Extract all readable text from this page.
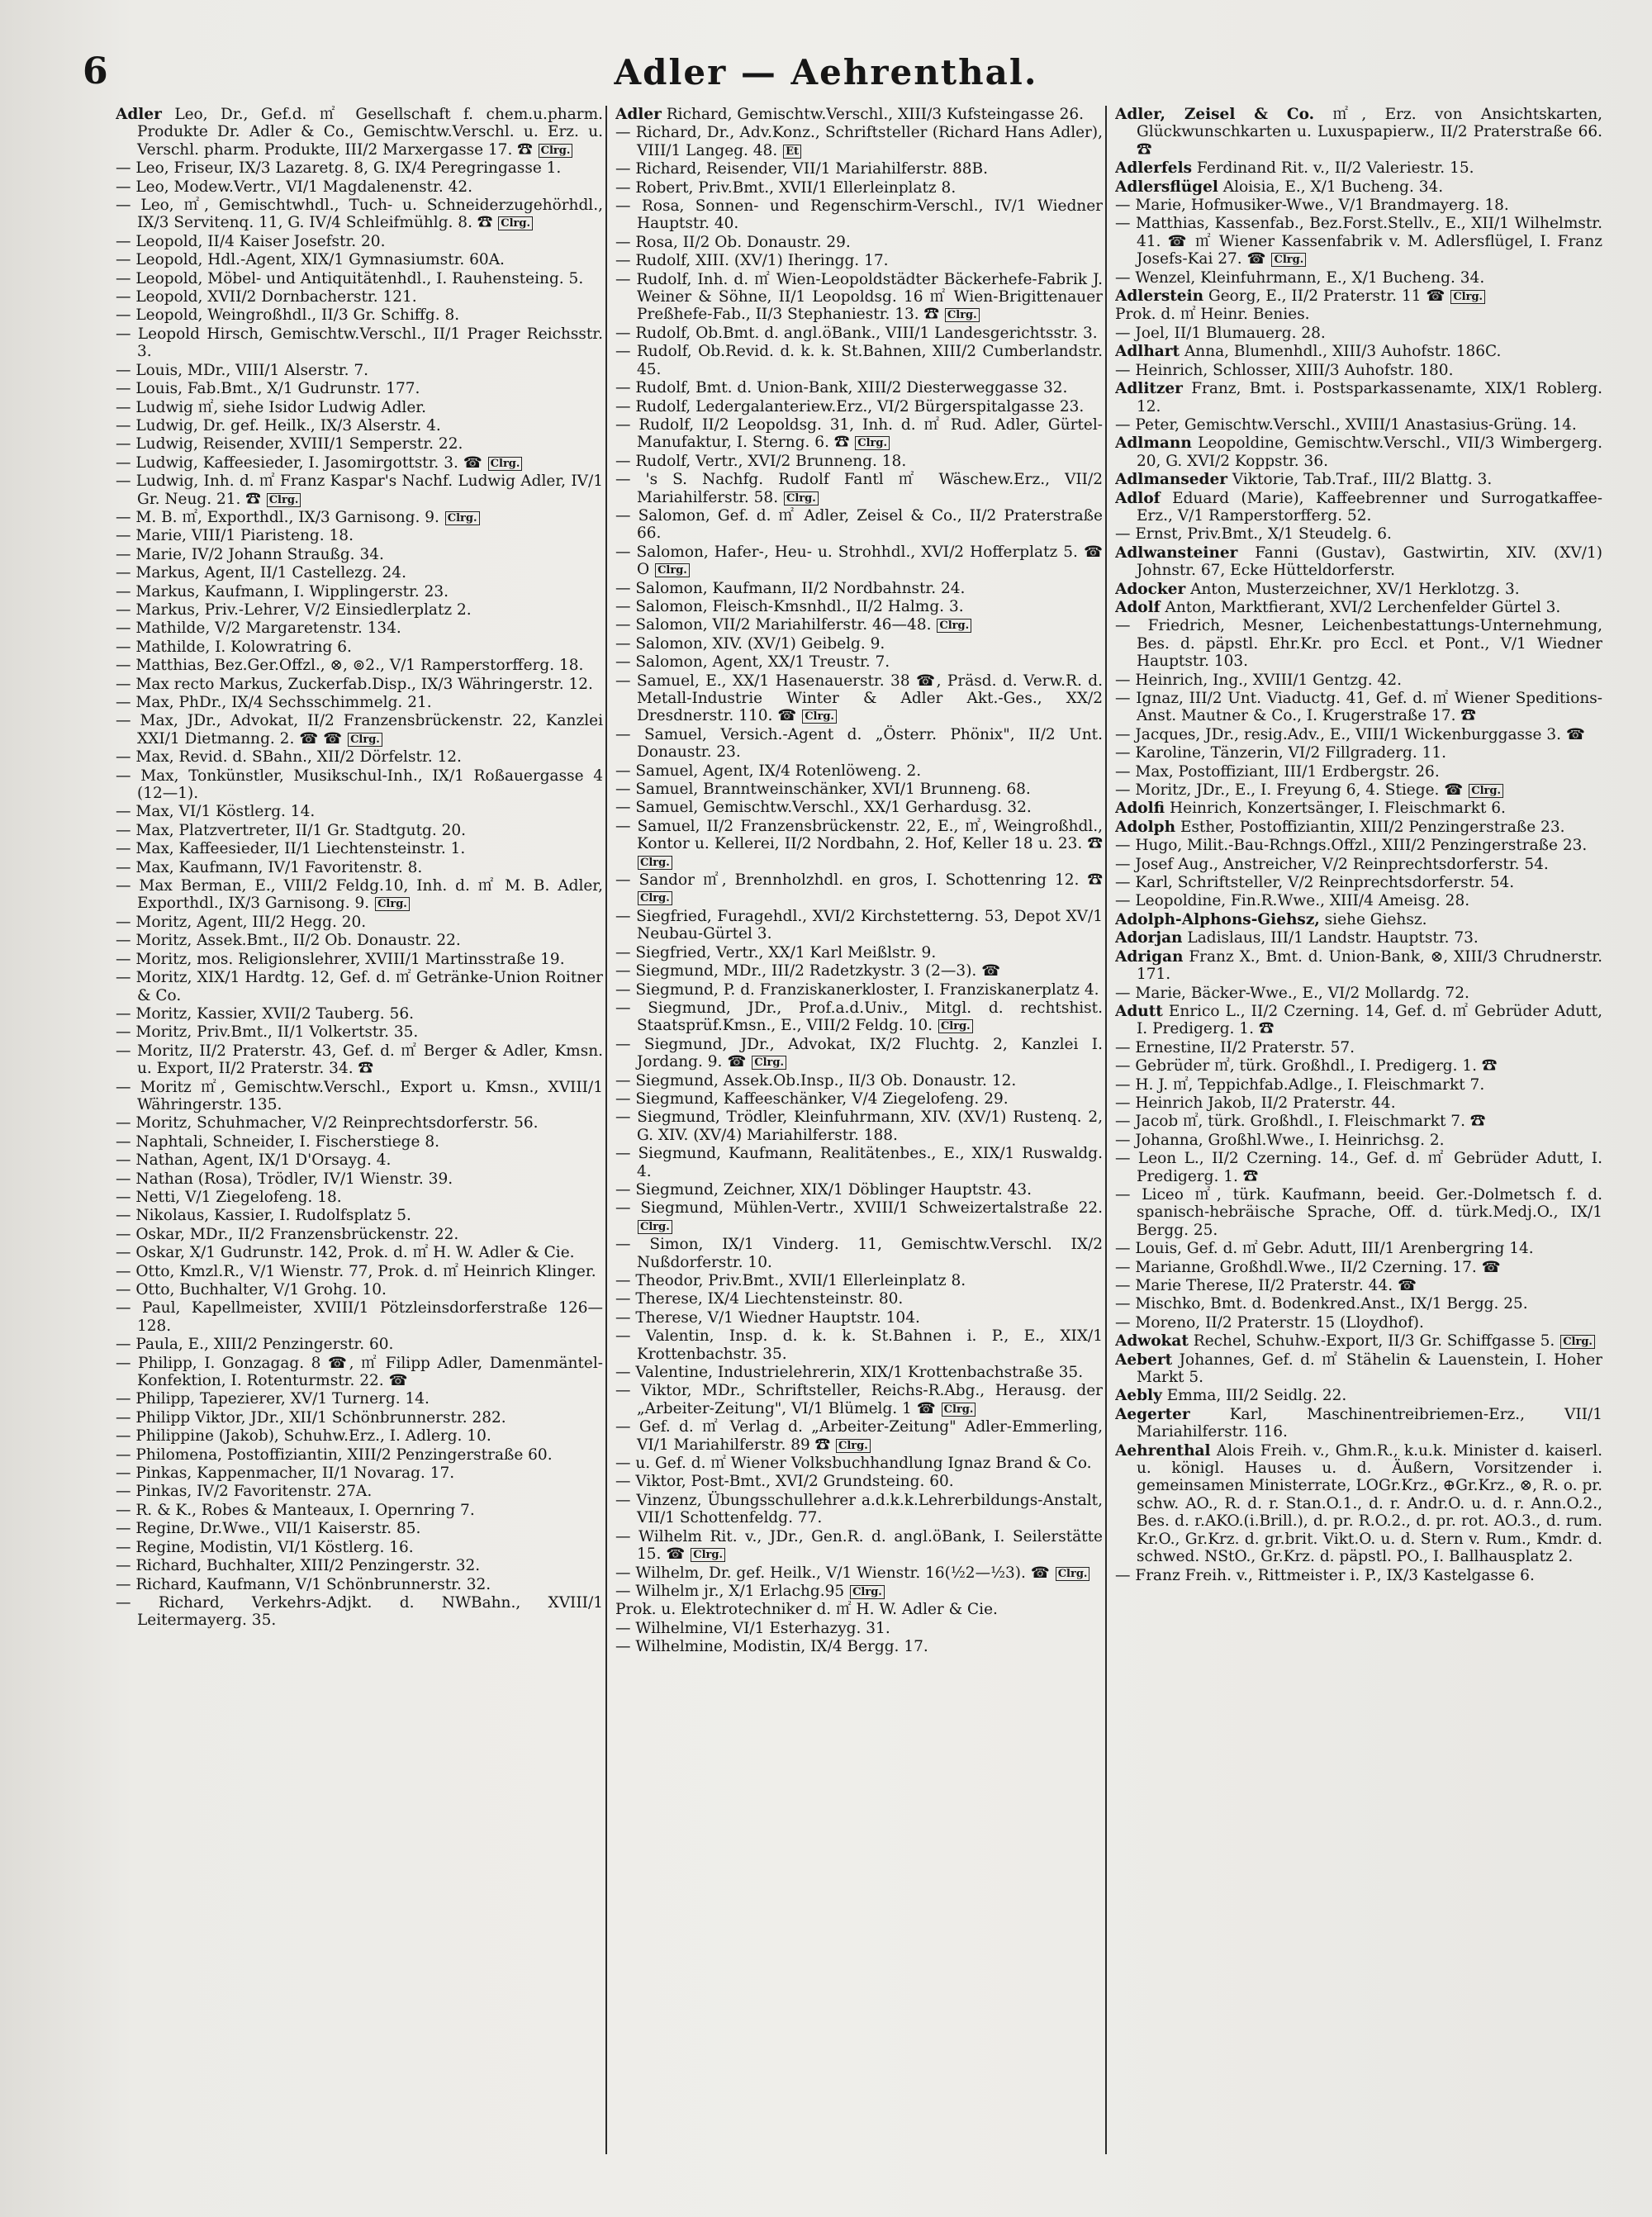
6	Adler — Aehrenthal.
Adler Leo, Dr., Gef.d. ㎡ Gesellschaft f. chem.u.pharm. Produkte Dr. Adler & Co., Gemischtw.Verschl. u. Erz. u. Verschl. pharm. Produkte, III/2 Marxergasse 17. ☎ Clrg.
— Leo, Friseur, IX/3 Lazaretg. 8, G. IX/4 Peregringasse 1.
— Leo, Modew.Vertr., VI/1 Magdalenenstr. 42.
— Leo, ㎡, Gemischtwhdl., Tuch- u. Schneiderzugehörhdl., IX/3 Servitenq. 11, G. IV/4 Schleifmühlg. 8. ☎ Clrg.
— Leopold, II/4 Kaiser Josefstr. 20.
— Leopold, Hdl.-Agent, XIX/1 Gymnasiumstr. 60A.
— Leopold, Möbel- und Antiquitätenhdl., I. Rauhensteing. 5.
— Leopold, XVII/2 Dornbacherstr. 121.
— Leopold, Weingroßhdl., II/3 Gr. Schiffg. 8.
— Leopold Hirsch, Gemischtw.Verschl., II/1 Prager Reichsstr. 3.
— Louis, MDr., VIII/1 Alserstr. 7.
— Louis, Fab.Bmt., X/1 Gudrunstr. 177.
— Ludwig ㎡, siehe Isidor Ludwig Adler.
— Ludwig, Dr. gef. Heilk., IX/3 Alserstr. 4.
— Ludwig, Reisender, XVIII/1 Semperstr. 22.
— Ludwig, Kaffeesieder, I. Jasomirgottstr. 3. ☎ Clrg.
— Ludwig, Inh. d. ㎡ Franz Kaspar's Nachf. Ludwig Adler, IV/1 Gr. Neug. 21. ☎ Clrg.
— M. B. ㎡, Exporthdl., IX/3 Garnisong. 9. Clrg.
— Marie, VIII/1 Piaristeng. 18.
— Marie, IV/2 Johann Straußg. 34.
— Markus, Agent, II/1 Castellezg. 24.
— Markus, Kaufmann, I. Wipplingerstr. 23.
— Markus, Priv.-Lehrer, V/2 Einsiedlerplatz 2.
— Mathilde, V/2 Margaretenstr. 134.
— Mathilde, I. Kolowratring 6.
— Matthias, Bez.Ger.Offzl., ⊗, ⊚2., V/1 Ramperstorfferg. 18.
— Max recto Markus, Zuckerfab.Disp., IX/3 Währingerstr. 12.
— Max, PhDr., IX/4 Sechsschimmelg. 21.
— Max, JDr., Advokat, II/2 Franzensbrückenstr. 22, Kanzlei XXI/1 Dietmanng. 2. ☎ ☎ Clrg.
— Max, Revid. d. SBahn., XII/2 Dörfelstr. 12.
— Max, Tonkünstler, Musikschul-Inh., IX/1 Roßauergasse 4 (12—1).
— Max, VI/1 Köstlerg. 14.
— Max, Platzvertreter, II/1 Gr. Stadtgutg. 20.
— Max, Kaffeesieder, II/1 Liechtensteinstr. 1.
— Max, Kaufmann, IV/1 Favoritenstr. 8.
— Max Berman, E., VIII/2 Feldg.10, Inh. d. ㎡ M. B. Adler, Exporthdl., IX/3 Garnisong. 9. Clrg.
— Moritz, Agent, III/2 Hegg. 20.
— Moritz, Assek.Bmt., II/2 Ob. Donaustr. 22.
— Moritz, mos. Religionslehrer, XVIII/1 Martinsstraße 19.
— Moritz, XIX/1 Hardtg. 12, Gef. d. ㎡ Getränke-Union Roitner & Co.
— Moritz, Kassier, XVII/2 Tauberg. 56.
— Moritz, Priv.Bmt., II/1 Volkertstr. 35.
— Moritz, II/2 Praterstr. 43, Gef. d. ㎡ Berger & Adler, Kmsn. u. Export, II/2 Praterstr. 34. ☎
— Moritz ㎡, Gemischtw.Verschl., Export u. Kmsn., XVIII/1 Währingerstr. 135.
— Moritz, Schuhmacher, V/2 Reinprechtsdorferstr. 56.
— Naphtali, Schneider, I. Fischerstiege 8.
— Nathan, Agent, IX/1 D'Orsayg. 4.
— Nathan (Rosa), Trödler, IV/1 Wienstr. 39.
— Netti, V/1 Ziegelofeng. 18.
— Nikolaus, Kassier, I. Rudolfsplatz 5.
— Oskar, MDr., II/2 Franzensbrückenstr. 22.
— Oskar, X/1 Gudrunstr. 142, Prok. d. ㎡ H. W. Adler & Cie.
— Otto, Kmzl.R., V/1 Wienstr. 77, Prok. d. ㎡ Heinrich Klinger.
— Otto, Buchhalter, V/1 Grohg. 10.
— Paul, Kapellmeister, XVIII/1 Pötzleinsdorferstraße 126—128.
— Paula, E., XIII/2 Penzingerstr. 60.
— Philipp, I. Gonzagag. 8 ☎, ㎡ Filipp Adler, Damenmäntel-Konfektion, I. Rotenturmstr. 22. ☎
— Philipp, Tapezierer, XV/1 Turnerg. 14.
— Philipp Viktor, JDr., XII/1 Schönbrunnerstr. 282.
— Philippine (Jakob), Schuhw.Erz., I. Adlerg. 10.
— Philomena, Postoffiziantin, XIII/2 Penzingerstraße 60.
— Pinkas, Kappenmacher, II/1 Novarag. 17.
— Pinkas, IV/2 Favoritenstr. 27A.
— R. & K., Robes & Manteaux, I. Opernring 7.
— Regine, Dr.Wwe., VII/1 Kaiserstr. 85.
— Regine, Modistin, VI/1 Köstlerg. 16.
— Richard, Buchhalter, XIII/2 Penzingerstr. 32.
— Richard, Kaufmann, V/1 Schönbrunnerstr. 32.
— Richard, Verkehrs-Adjkt. d. NWBahn., XVIII/1 Leitermayerg. 35.
Adler Richard, Gemischtw.Verschl., XIII/3 Kufsteingasse 26.
— Richard, Dr., Adv.Konz., Schriftsteller (Richard Hans Adler), VIII/1 Langeg. 48. Et
— Richard, Reisender, VII/1 Mariahilferstr. 88B.
— Robert, Priv.Bmt., XVII/1 Ellerleinplatz 8.
— Rosa, Sonnen- und Regenschirm-Verschl., IV/1 Wiedner Hauptstr. 40.
— Rosa, II/2 Ob. Donaustr. 29.
— Rudolf, XIII. (XV/1) Iheringg. 17.
— Rudolf, Inh. d. ㎡ Wien-Leopoldstädter Bäckerhefe-Fabrik J. Weiner & Söhne, II/1 Leopoldsg. 16 ㎡ Wien-Brigittenauer Preßhefe-Fab., II/3 Stephaniestr. 13. ☎ Clrg.
— Rudolf, Ob.Bmt. d. angl.öBank., VIII/1 Landesgerichtsstr. 3.
— Rudolf, Ob.Revid. d. k. k. St.Bahnen, XIII/2 Cumberlandstr. 45.
— Rudolf, Bmt. d. Union-Bank, XIII/2 Diesterweggasse 32.
— Rudolf, Ledergalanteriew.Erz., VI/2 Bürgerspitalgasse 23.
— Rudolf, II/2 Leopoldsg. 31, Inh. d. ㎡ Rud. Adler, Gürtel-Manufaktur, I. Sterng. 6. ☎ Clrg.
— Rudolf, Vertr., XVI/2 Brunneng. 18.
— 's S. Nachfg. Rudolf Fantl ㎡ Wäschew.Erz., VII/2 Mariahilferstr. 58. Clrg.
— Salomon, Gef. d. ㎡ Adler, Zeisel & Co., II/2 Praterstraße 66.
— Salomon, Hafer-, Heu- u. Strohhdl., XVI/2 Hofferplatz 5. ☎ O Clrg.
— Salomon, Kaufmann, II/2 Nordbahnstr. 24.
— Salomon, Fleisch-Kmsnhdl., II/2 Halmg. 3.
— Salomon, VII/2 Mariahilferstr. 46—48. Clrg.
— Salomon, XIV. (XV/1) Geibelg. 9.
— Salomon, Agent, XX/1 Treustr. 7.
— Samuel, E., XX/1 Hasenauerstr. 38 ☎, Präsd. d. Verw.R. d. Metall-Industrie Winter & Adler Akt.-Ges., XX/2 Dresdnerstr. 110. ☎ Clrg.
— Samuel, Versich.-Agent d. „Österr. Phönix", II/2 Unt. Donaustr. 23.
— Samuel, Agent, IX/4 Rotenlöweng. 2.
— Samuel, Branntweinschänker, XVI/1 Brunneng. 68.
— Samuel, Gemischtw.Verschl., XX/1 Gerhardusg. 32.
— Samuel, II/2 Franzensbrückenstr. 22, E., ㎡, Weingroßhdl., Kontor u. Kellerei, II/2 Nordbahn, 2. Hof, Keller 18 u. 23. ☎ Clrg.
— Sandor ㎡, Brennholzhdl. en gros, I. Schottenring 12. ☎ Clrg.
— Siegfried, Furagehdl., XVI/2 Kirchstetterng. 53, Depot XV/1 Neubau-Gürtel 3.
— Siegfried, Vertr., XX/1 Karl Meißlstr. 9.
— Siegmund, MDr., III/2 Radetzkystr. 3 (2—3). ☎
— Siegmund, P. d. Franziskanerkloster, I. Franziskanerplatz 4.
— Siegmund, JDr., Prof.a.d.Univ., Mitgl. d. rechtshist. Staatsprüf.Kmsn., E., VIII/2 Feldg. 10. Clrg.
— Siegmund, JDr., Advokat, IX/2 Fluchtg. 2, Kanzlei I. Jordang. 9. ☎ Clrg.
— Siegmund, Assek.Ob.Insp., II/3 Ob. Donaustr. 12.
— Siegmund, Kaffeeschänker, V/4 Ziegelofeng. 29.
— Siegmund, Trödler, Kleinfuhrmann, XIV. (XV/1) Rustenq. 2, G. XIV. (XV/4) Mariahilferstr. 188.
— Siegmund, Kaufmann, Realitätenbes., E., XIX/1 Ruswaldg. 4.
— Siegmund, Zeichner, XIX/1 Döblinger Hauptstr. 43.
— Siegmund, Mühlen-Vertr., XVIII/1 Schweizertalstraße 22. Clrg.
— Simon, IX/1 Vinderg. 11, Gemischtw.Verschl. IX/2 Nußdorferstr. 10.
— Theodor, Priv.Bmt., XVII/1 Ellerleinplatz 8.
— Therese, IX/4 Liechtensteinstr. 80.
— Therese, V/1 Wiedner Hauptstr. 104.
— Valentin, Insp. d. k. k. St.Bahnen i. P., E., XIX/1 Krottenbachstr. 35.
— Valentine, Industrielehrerin, XIX/1 Krottenbachstraße 35.
— Viktor, MDr., Schriftsteller, Reichs-R.Abg., Herausg. der „Arbeiter-Zeitung", VI/1 Blümelg. 1 ☎ Clrg.
— Gef. d. ㎡ Verlag d. „Arbeiter-Zeitung" Adler-Emmerling, VI/1 Mariahilferstr. 89 ☎ Clrg.
— u. Gef. d. ㎡ Wiener Volksbuchhandlung Ignaz Brand & Co.
— Viktor, Post-Bmt., XVI/2 Grundsteing. 60.
— Vinzenz, Übungsschullehrer a.d.k.k.Lehrerbildungs-Anstalt, VII/1 Schottenfeldg. 77.
— Wilhelm Rit. v., JDr., Gen.R. d. angl.öBank, I. Seilerstätte 15. ☎ Clrg.
— Wilhelm, Dr. gef. Heilk., V/1 Wienstr. 16(½2—½3). ☎ Clrg.
— Wilhelm jr., X/1 Erlachg.95 Clrg.
Prok. u. Elektrotechniker d. ㎡ H. W. Adler & Cie.
— Wilhelmine, VI/1 Esterhazyg. 31.
— Wilhelmine, Modistin, IX/4 Bergg. 17.
Adler, Zeisel & Co. ㎡, Erz. von Ansichtskarten, Glückwunschkarten u. Luxuspapierw., II/2 Praterstraße 66. ☎
Adlerfels Ferdinand Rit. v., II/2 Valeriestr. 15.
Adlersflügel Aloisia, E., X/1 Bucheng. 34.
— Marie, Hofmusiker-Wwe., V/1 Brandmayerg. 18.
— Matthias, Kassenfab., Bez.Forst.Stellv., E., XII/1 Wilhelmstr. 41. ☎ ㎡ Wiener Kassenfabrik v. M. Adlersflügel, I. Franz Josefs-Kai 27. ☎ Clrg.
— Wenzel, Kleinfuhrmann, E., X/1 Bucheng. 34.
Adlerstein Georg, E., II/2 Praterstr. 11 ☎ Clrg.
Prok. d. ㎡ Heinr. Benies.
— Joel, II/1 Blumauerg. 28.
Adlhart Anna, Blumenhdl., XIII/3 Auhofstr. 186C.
— Heinrich, Schlosser, XIII/3 Auhofstr. 180.
Adlitzer Franz, Bmt. i. Postsparkassenamte, XIX/1 Roblerg. 12.
— Peter, Gemischtw.Verschl., XVIII/1 Anastasius-Grüng. 14.
Adlmann Leopoldine, Gemischtw.Verschl., VII/3 Wimbergerg. 20, G. XVI/2 Koppstr. 36.
Adlmanseder Viktorie, Tab.Traf., III/2 Blattg. 3.
Adlof Eduard (Marie), Kaffeebrenner und Surrogatkaffee-Erz., V/1 Ramperstorfferg. 52.
— Ernst, Priv.Bmt., X/1 Steudelg. 6.
Adlwansteiner Fanni (Gustav), Gastwirtin, XIV. (XV/1) Johnstr. 67, Ecke Hütteldorferstr.
Adocker Anton, Musterzeichner, XV/1 Herklotzg. 3.
Adolf Anton, Marktfierant, XVI/2 Lerchenfelder Gürtel 3.
— Friedrich, Mesner, Leichenbestattungs-Unternehmung, Bes. d. päpstl. Ehr.Kr. pro Eccl. et Pont., V/1 Wiedner Hauptstr. 103.
— Heinrich, Ing., XVIII/1 Gentzg. 42.
— Ignaz, III/2 Unt. Viaductg. 41, Gef. d. ㎡ Wiener Speditions-Anst. Mautner & Co., I. Krugerstraße 17. ☎
— Jacques, JDr., resig.Adv., E., VIII/1 Wickenburggasse 3. ☎
— Karoline, Tänzerin, VI/2 Fillgraderg. 11.
— Max, Postoffiziant, III/1 Erdbergstr. 26.
— Moritz, JDr., E., I. Freyung 6, 4. Stiege. ☎ Clrg.
Adolfi Heinrich, Konzertsänger, I. Fleischmarkt 6.
Adolph Esther, Postoffiziantin, XIII/2 Penzingerstraße 23.
— Hugo, Milit.-Bau-Rchngs.Offzl., XIII/2 Penzingerstraße 23.
— Josef Aug., Anstreicher, V/2 Reinprechtsdorferstr. 54.
— Karl, Schriftsteller, V/2 Reinprechtsdorferstr. 54.
— Leopoldine, Fin.R.Wwe., XIII/4 Ameisg. 28.
Adolph-Alphons-Giehsz, siehe Giehsz.
Adorjan Ladislaus, III/1 Landstr. Hauptstr. 73.
Adrigan Franz X., Bmt. d. Union-Bank, ⊗, XIII/3 Chrudnerstr. 171.
— Marie, Bäcker-Wwe., E., VI/2 Mollardg. 72.
Adutt Enrico L., II/2 Czerning. 14, Gef. d. ㎡ Gebrüder Adutt, I. Predigerg. 1. ☎
— Ernestine, II/2 Praterstr. 57.
— Gebrüder ㎡, türk. Großhdl., I. Predigerg. 1. ☎
— H. J. ㎡, Teppichfab.Adlge., I. Fleischmarkt 7.
— Heinrich Jakob, II/2 Praterstr. 44.
— Jacob ㎡, türk. Großhdl., I. Fleischmarkt 7. ☎
— Johanna, Großhl.Wwe., I. Heinrichsg. 2.
— Leon L., II/2 Czerning. 14., Gef. d. ㎡ Gebrüder Adutt, I. Predigerg. 1. ☎
— Liceo ㎡, türk. Kaufmann, beeid. Ger.-Dolmetsch f. d. spanisch-hebräische Sprache, Off. d. türk.Medj.O., IX/1 Bergg. 25.
— Louis, Gef. d. ㎡ Gebr. Adutt, III/1 Arenbergring 14.
— Marianne, Großhdl.Wwe., II/2 Czerning. 17. ☎
— Marie Therese, II/2 Praterstr. 44. ☎
— Mischko, Bmt. d. Bodenkred.Anst., IX/1 Bergg. 25.
— Moreno, II/2 Praterstr. 15 (Lloydhof).
Adwokat Rechel, Schuhw.-Export, II/3 Gr. Schiffgasse 5. Clrg.
Aebert Johannes, Gef. d. ㎡ Stähelin & Lauenstein, I. Hoher Markt 5.
Aebly Emma, III/2 Seidlg. 22.
Aegerter	Karl, Maschinentreibriemen-Erz., VII/1 Mariahilferstr. 116.
Aehrenthal Alois Freih. v., Ghm.R., k.u.k. Minister d. kaiserl. u. königl. Hauses u. d. Äußern, Vorsitzender i. gemeinsamen Ministerrate, LOGr.Krz., ⊕Gr.Krz., ⊗, R. o. pr. schw. AO., R. d. r. Stan.O.1., d. r. Andr.O. u. d. r. Ann.O.2., Bes. d. r.AKO.(i.Brill.), d. pr. R.O.2., d. pr. rot. AO.3., d. rum. Kr.O., Gr.Krz. d. gr.brit. Vikt.O. u. d. Stern v. Rum., Kmdr. d. schwed. NStO., Gr.Krz. d. päpstl. PO., I. Ballhausplatz 2.
— Franz Freih. v., Rittmeister i. P., IX/3 Kastelgasse 6.
